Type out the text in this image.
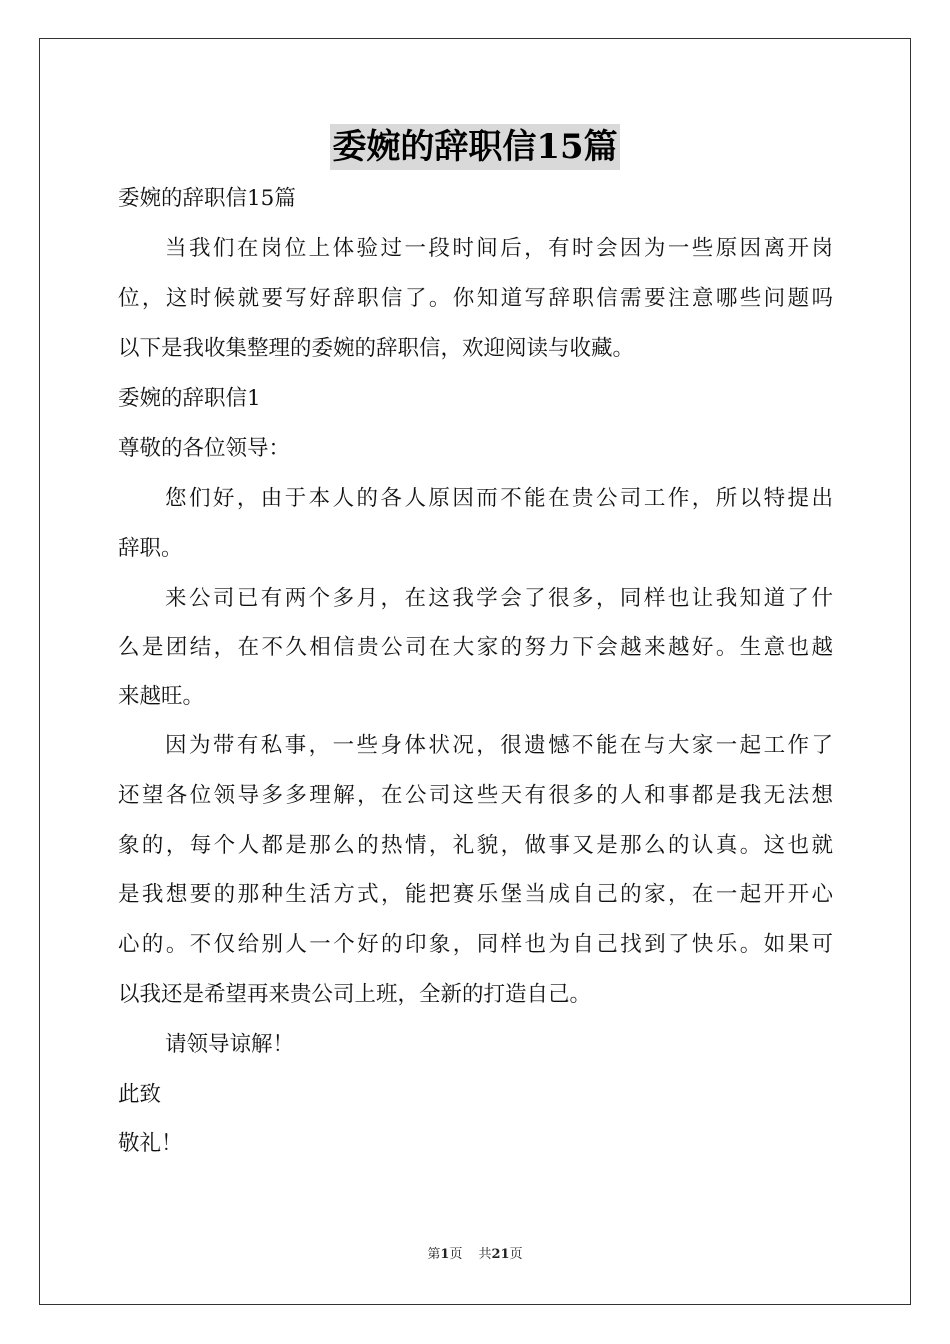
委婉的辞职信15篇
委婉的辞职信15篇
当我们在岗位上体验过一段时间后，有时会因为一些原因离开岗
位，这时候就要写好辞职信了。你知道写辞职信需要注意哪些问题吗
以下是我收集整理的委婉的辞职信，欢迎阅读与收藏。
委婉的辞职信1
尊敬的各位领导：
您们好，由于本人的各人原因而不能在贵公司工作，所以特提出
辞职。
来公司已有两个多月，在这我学会了很多，同样也让我知道了什
么是团结，在不久相信贵公司在大家的努力下会越来越好。生意也越
来越旺。
因为带有私事，一些身体状况，很遗憾不能在与大家一起工作了
还望各位领导多多理解，在公司这些天有很多的人和事都是我无法想
象的，每个人都是那么的热情，礼貌，做事又是那么的认真。这也就
是我想要的那种生活方式，能把赛乐堡当成自己的家，在一起开开心
心的。不仅给别人一个好的印象，同样也为自己找到了快乐。如果可
以我还是希望再来贵公司上班，全新的打造自己。
请领导谅解！
此致
敬礼！
第1页 共21页
